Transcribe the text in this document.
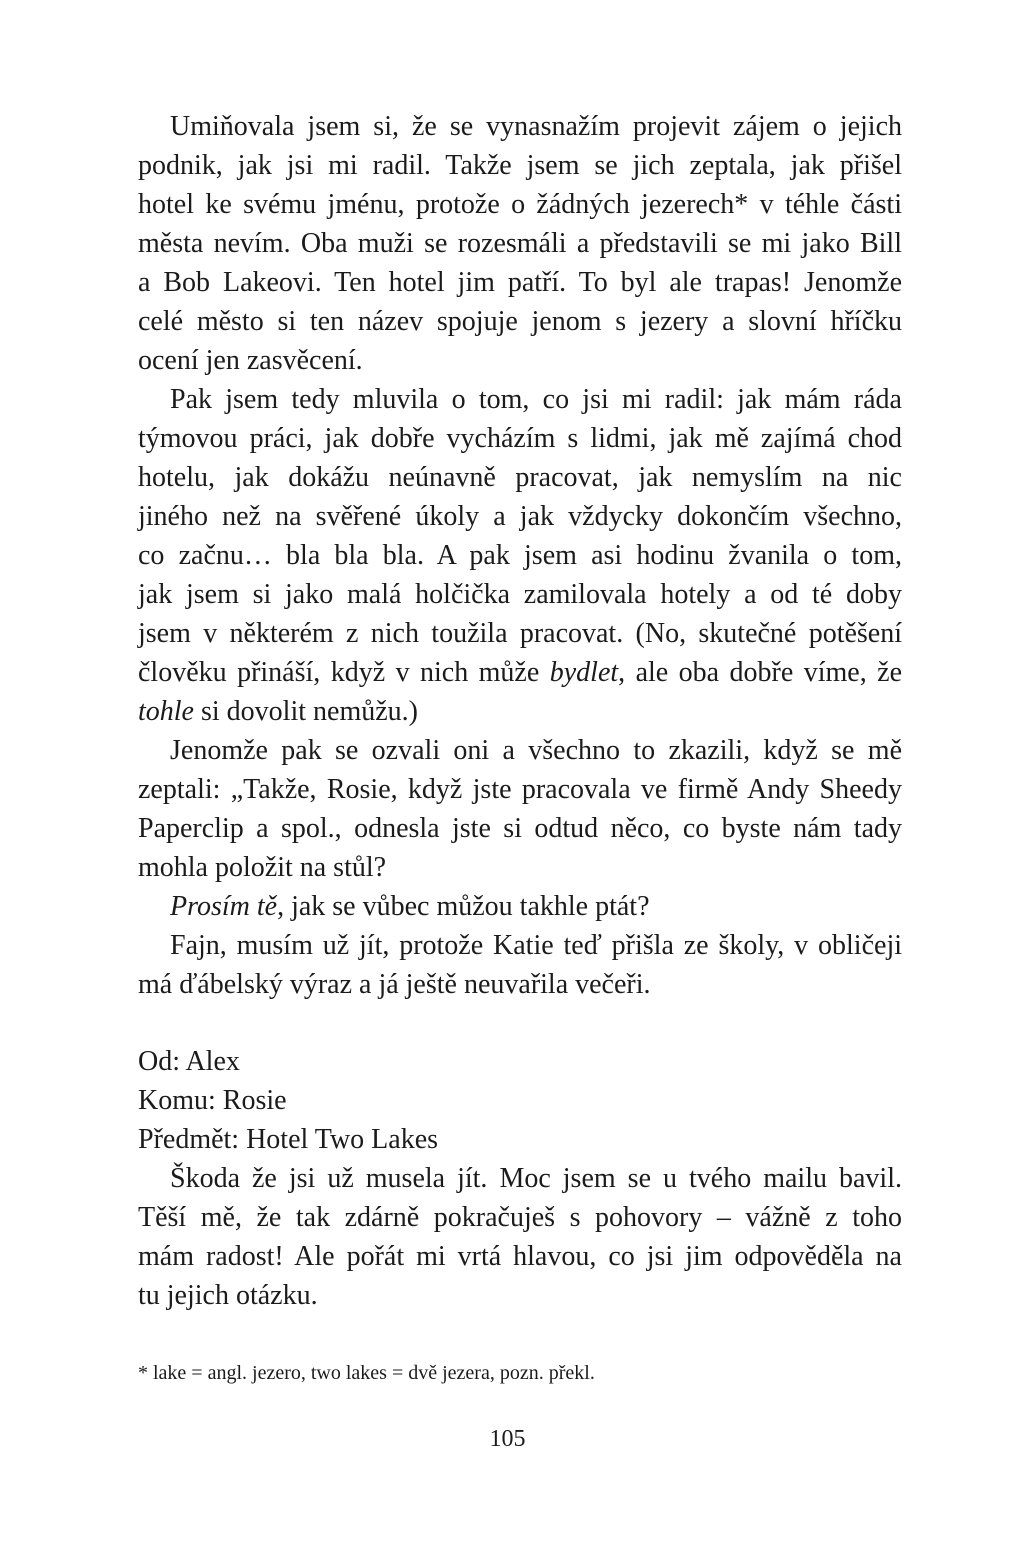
Umiňovala jsem si, že se vynasnažím projevit zájem o jejich
podnik, jak jsi mi radil. Takže jsem se jich zeptala, jak přišel
hotel ke svému jménu, protože o žádných jezerech* v téhle části
města nevím. Oba muži se rozesmáli a představili se mi jako Bill
a Bob Lakeovi. Ten hotel jim patří. To byl ale trapas! Jenomže
celé město si ten název spojuje jenom s jezery a slovní hříčku
ocení jen zasvěcení.
Pak jsem tedy mluvila o tom, co jsi mi radil: jak mám ráda
týmovou práci, jak dobře vycházím s lidmi, jak mě zajímá chod
hotelu, jak dokážu neúnavně pracovat, jak nemyslím na nic
jiného než na svěřené úkoly a jak vždycky dokončím všechno,
co začnu… bla bla bla. A pak jsem asi hodinu žvanila o tom,
jak jsem si jako malá holčička zamilovala hotely a od té doby
jsem v některém z nich toužila pracovat. (No, skutečné potěšení
člověku přináší, když v nich může bydlet, ale oba dobře víme, že
tohle si dovolit nemůžu.)
Jenomže pak se ozvali oni a všechno to zkazili, když se mě
zeptali: „Takže, Rosie, když jste pracovala ve firmě Andy Sheedy
Paperclip a spol., odnesla jste si odtud něco, co byste nám tady
mohla položit na stůl?
Prosím tě, jak se vůbec můžou takhle ptát?
Fajn, musím už jít, protože Katie teď přišla ze školy, v obličeji
má ďábelský výraz a já ještě neuvařila večeři.
Od: Alex
Komu: Rosie
Předmět: Hotel Two Lakes
Škoda že jsi už musela jít. Moc jsem se u tvého mailu bavil.
Těší mě, že tak zdárně pokračuješ s pohovory – vážně z toho
mám radost! Ale pořát mi vrtá hlavou, co jsi jim odpověděla na
tu jejich otázku.
* lake = angl. jezero, two lakes = dvě jezera, pozn. překl.
105
